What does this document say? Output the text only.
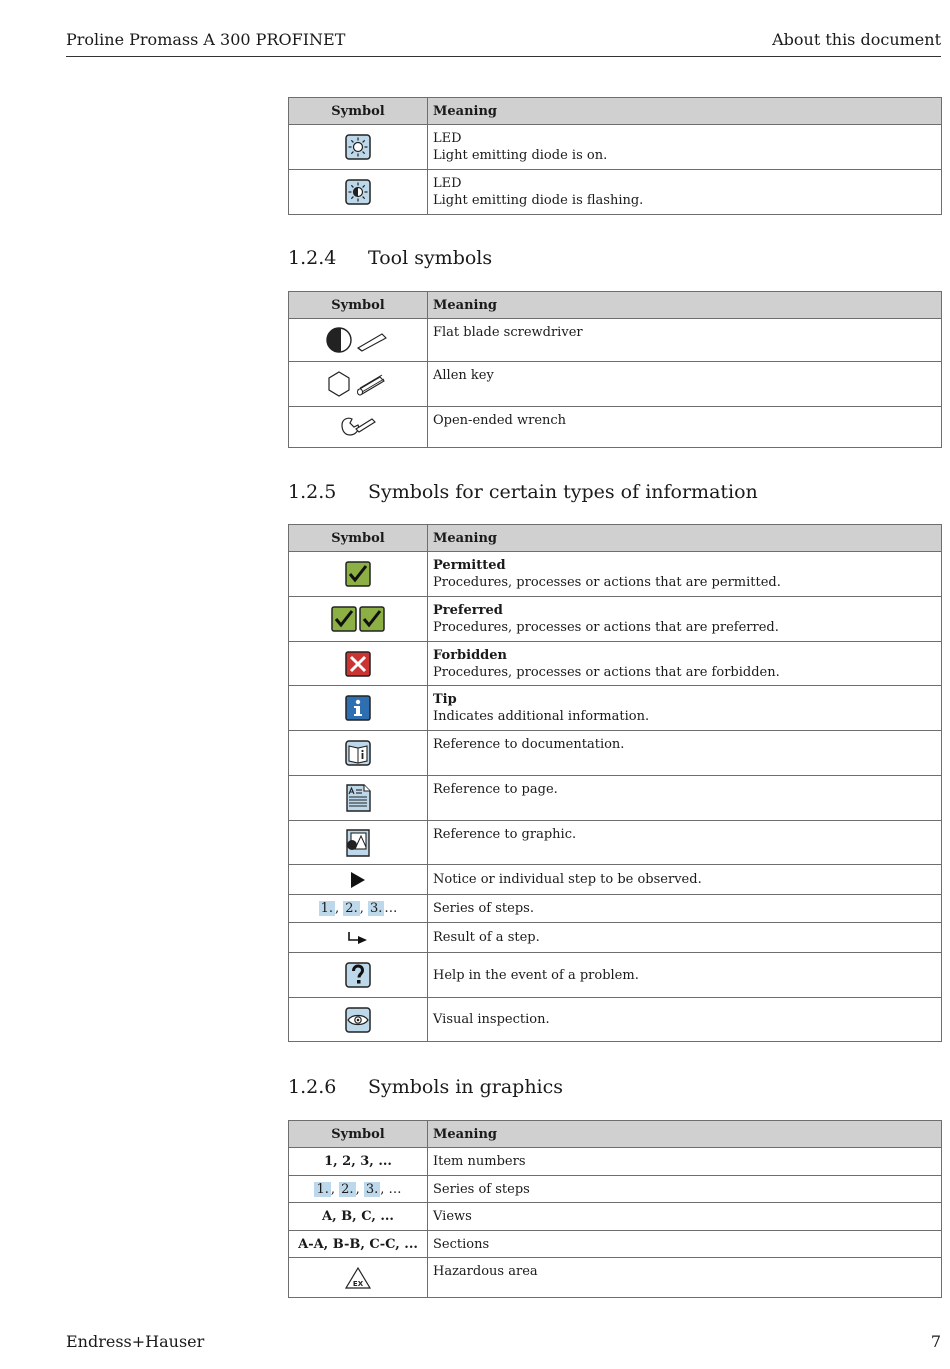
Proline Promass A 300 PROFINET	About this document
Symbol	Meaning

LED
Light emitting diode is on.

LED
Light emitting diode is flashing.
1.2.4 Tool symbols
Symbol	Meaning

Flat blade screwdriver

Allen key

Open-ended wrench
1.2.5 Symbols for certain types of information
Symbol	Meaning

Permitted
Procedures, processes or actions that are permitted.

Preferred
Procedures, processes or actions that are preferred.

Forbidden
Procedures, processes or actions that are forbidden.

Tip
Indicates additional information.

Reference to documentation.

Reference to page.

Reference to graphic.

Notice or individual step to be observed.

1. , 2. , 3. …	Series of steps.

Result of a step.

Help in the event of a problem.

Visual inspection.
1.2.6 Symbols in graphics
Symbol	Meaning
1, 2, 3, ...	Item numbers

1. , 2. , 3. , …	Series of steps

A, B, C, ...	Views

A-A, B-B, C-C, ...	Sections

EX	Hazardous area
Endress+Hauser	7
